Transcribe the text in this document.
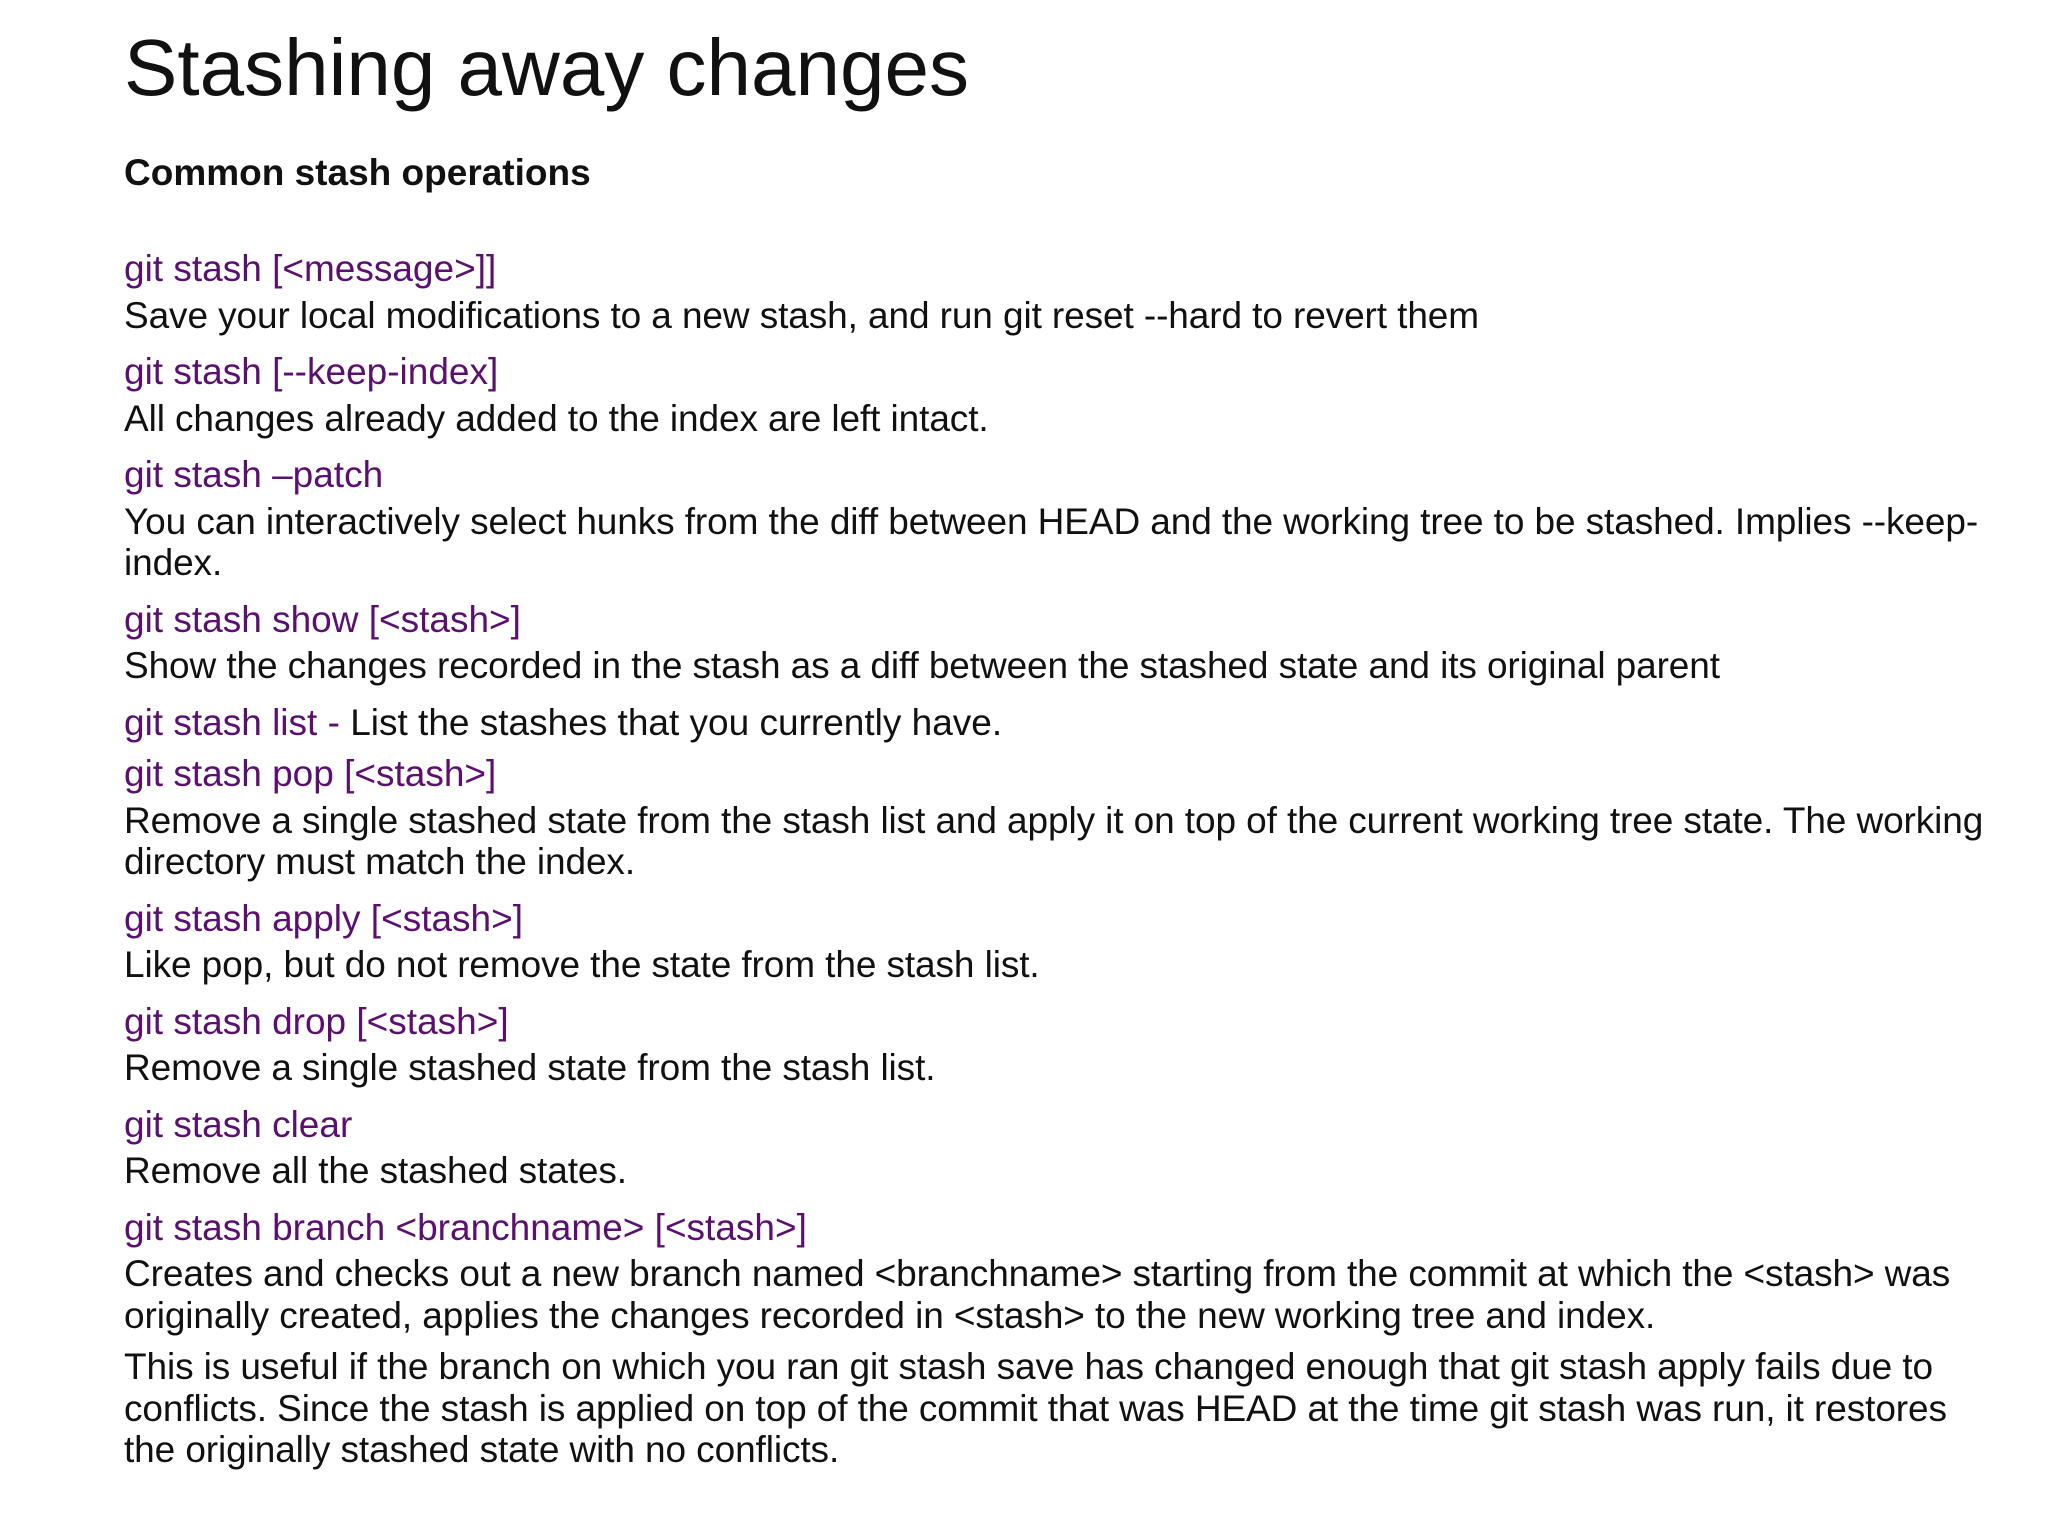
Stashing away changes
Common stash operations
git stash [<message>]]
Save your local modifications to a new stash, and run git reset --hard to revert them
git stash [--keep-index]
All changes already added to the index are left intact.
git stash –patch
You can interactively select hunks from the diff between HEAD and the working tree to be stashed. Implies --keep-index.
git stash show [<stash>]
Show the changes recorded in the stash as a diff between the stashed state and its original parent
git stash list - List the stashes that you currently have.
git stash pop [<stash>]
Remove a single stashed state from the stash list and apply it on top of the current working tree state. The working directory must match the index.
git stash apply [<stash>]
Like pop, but do not remove the state from the stash list.
git stash drop [<stash>]
Remove a single stashed state from the stash list.
git stash clear
Remove all the stashed states.
git stash branch <branchname> [<stash>]
Creates and checks out a new branch named <branchname> starting from the commit at which the <stash> was originally created, applies the changes recorded in <stash> to the new working tree and index.
This is useful if the branch on which you ran git stash save has changed enough that git stash apply fails due to conflicts. Since the stash is applied on top of the commit that was HEAD at the time git stash was run, it restores the originally stashed state with no conflicts.
